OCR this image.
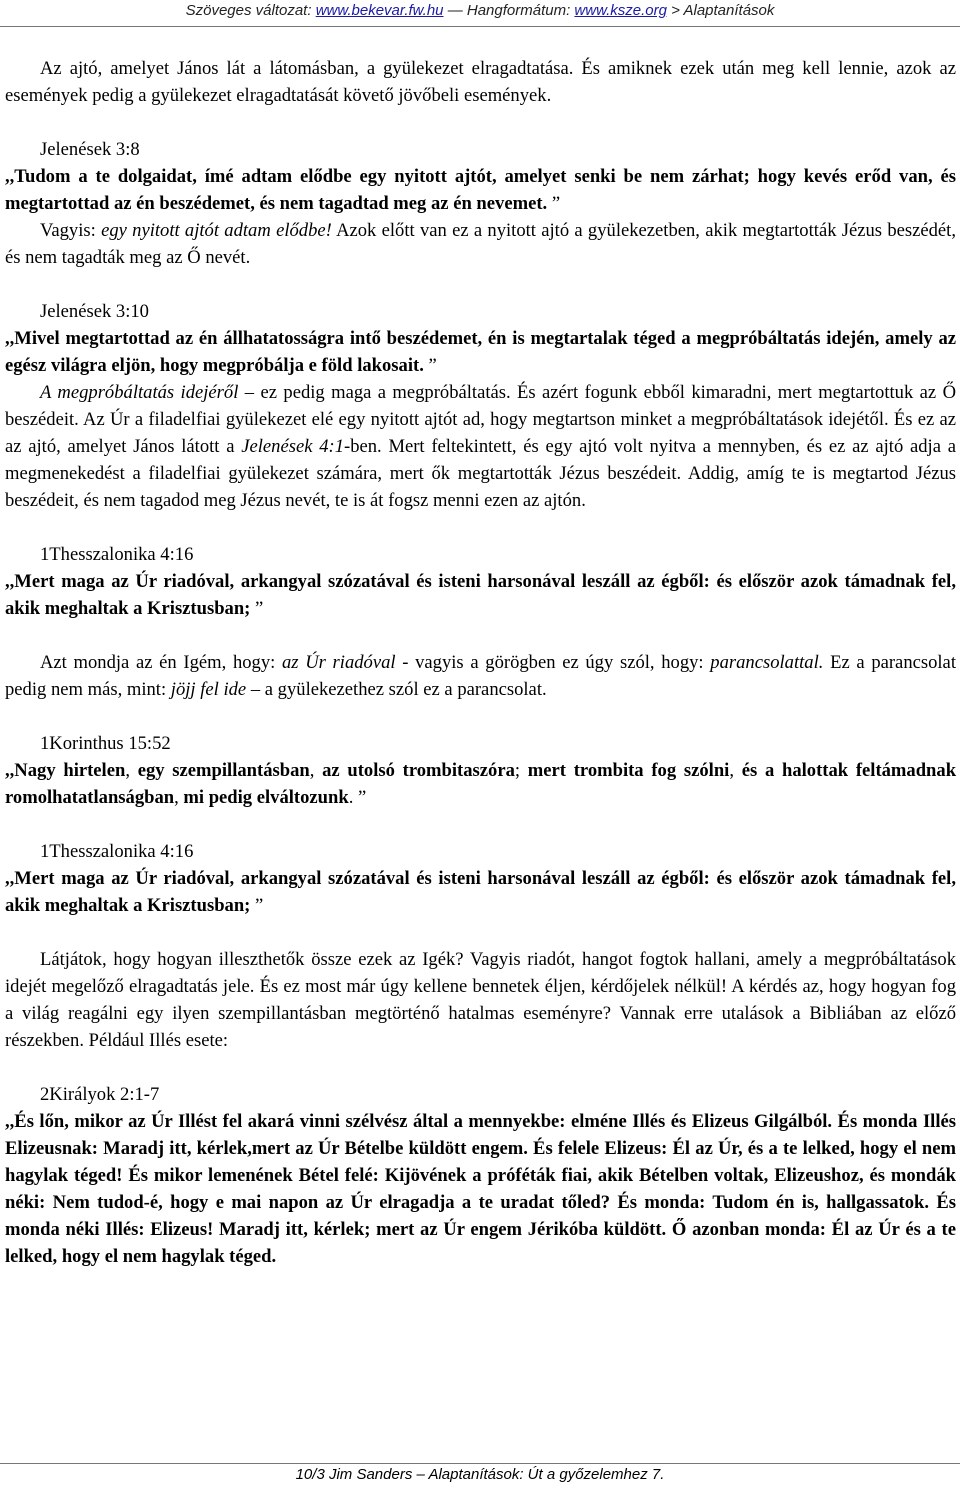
Szöveges változat: www.bekevar.fw.hu — Hangformátum: www.ksze.org > Alaptanítások

Az ajtó, amelyet János lát a látomásban, a gyülekezet elragadtatása. És amiknek ezek után meg kell lennie, azok az események pedig a gyülekezet elragadtatását követő jövőbeli események.

Jelenések 3:8

,,Tudom a te dolgaidat, ímé adtam elődbe egy nyitott ajtót, amelyet senki be nem zárhat; hogy kevés erőd van, és megtartottad az én beszédemet, és nem tagadtad meg az én nevemet. ”

Vagyis: egy nyitott ajtót adtam elődbe! Azok előtt van ez a nyitott ajtó a gyülekezetben, akik megtartották Jézus beszédét, és nem tagadták meg az Ő nevét.

Jelenések 3:10

,,Mivel megtartottad az én állhatatosságra intő beszédemet, én is megtartalak téged a megpróbáltatás idején, amely az egész világra eljön, hogy megpróbálja e föld lakosait. ”

A megpróbáltatás idejéről – ez pedig maga a megpróbáltatás. És azért fogunk ebből kimaradni, mert megtartottuk az Ő beszédeit. Az Úr a filadelfiai gyülekezet elé egy nyitott ajtót ad, hogy megtartson minket a megpróbáltatások idejétől. És ez az az ajtó, amelyet János látott a Jelenések 4:1-ben. Mert feltekintett, és egy ajtó volt nyitva a mennyben, és ez az ajtó adja a megmenekedést a filadelfiai gyülekezet számára, mert ők megtartották Jézus beszédeit. Addig, amíg te is megtartod Jézus beszédeit, és nem tagadod meg Jézus nevét, te is át fogsz menni ezen az ajtón.

1Thesszalonika 4:16

,,Mert maga az Úr riadóval, arkangyal szózatával és isteni harsonával leszáll az égből: és először azok támadnak fel, akik meghaltak a Krisztusban; ”

Azt mondja az én Igém, hogy: az Úr riadóval - vagyis a görögben ez úgy szól, hogy: parancsolattal. Ez a parancsolat pedig nem más, mint: jöjj fel ide – a gyülekezethez szól ez a parancsolat.

1Korinthus 15:52

,,Nagy hirtelen, egy szempillantásban, az utolsó trombitaszóra; mert trombita fog szólni, és a halottak feltámadnak romolhatatlanságban, mi pedig elváltozunk. ”

1Thesszalonika 4:16

,,Mert maga az Úr riadóval, arkangyal szózatával és isteni harsonával leszáll az égből: és először azok támadnak fel, akik meghaltak a Krisztusban; ”

Látjátok, hogy hogyan illeszthetők össze ezek az Igék? Vagyis riadót, hangot fogtok hallani, amely a megpróbáltatások idejét megelőző elragadtatás jele. És ez most már úgy kellene bennetek éljen, kérdőjelek nélkül! A kérdés az, hogy hogyan fog a világ reagálni egy ilyen szempillantásban megtörténő hatalmas eseményre? Vannak erre utalások a Bibliában az előző részekben. Például Illés esete:

2Királyok 2:1-7

,,És lőn, mikor az Úr Illést fel akará vinni szélvész által a mennyekbe: elméne Illés és Elizeus Gilgálból. És monda Illés Elizeusnak: Maradj itt, kérlek,mert az Úr Bételbe küldött engem. És felele Elizeus: Él az Úr, és a te lelked, hogy el nem hagylak téged! És mikor lemenének Bétel felé: Kijövének a próféták fiai, akik Bételben voltak, Elizeushoz, és mondák néki: Nem tudod-é, hogy e mai napon az Úr elragadja a te uradat tőled? És monda: Tudom én is, hallgassatok. És monda néki Illés: Elizeus! Maradj itt, kérlek; mert az Úr engem Jérikóba küldött. Ő azonban monda: Él az Úr és a te lelked, hogy el nem hagylak téged.

10/3 Jim Sanders – Alaptanítások: Út a győzelemhez 7.
